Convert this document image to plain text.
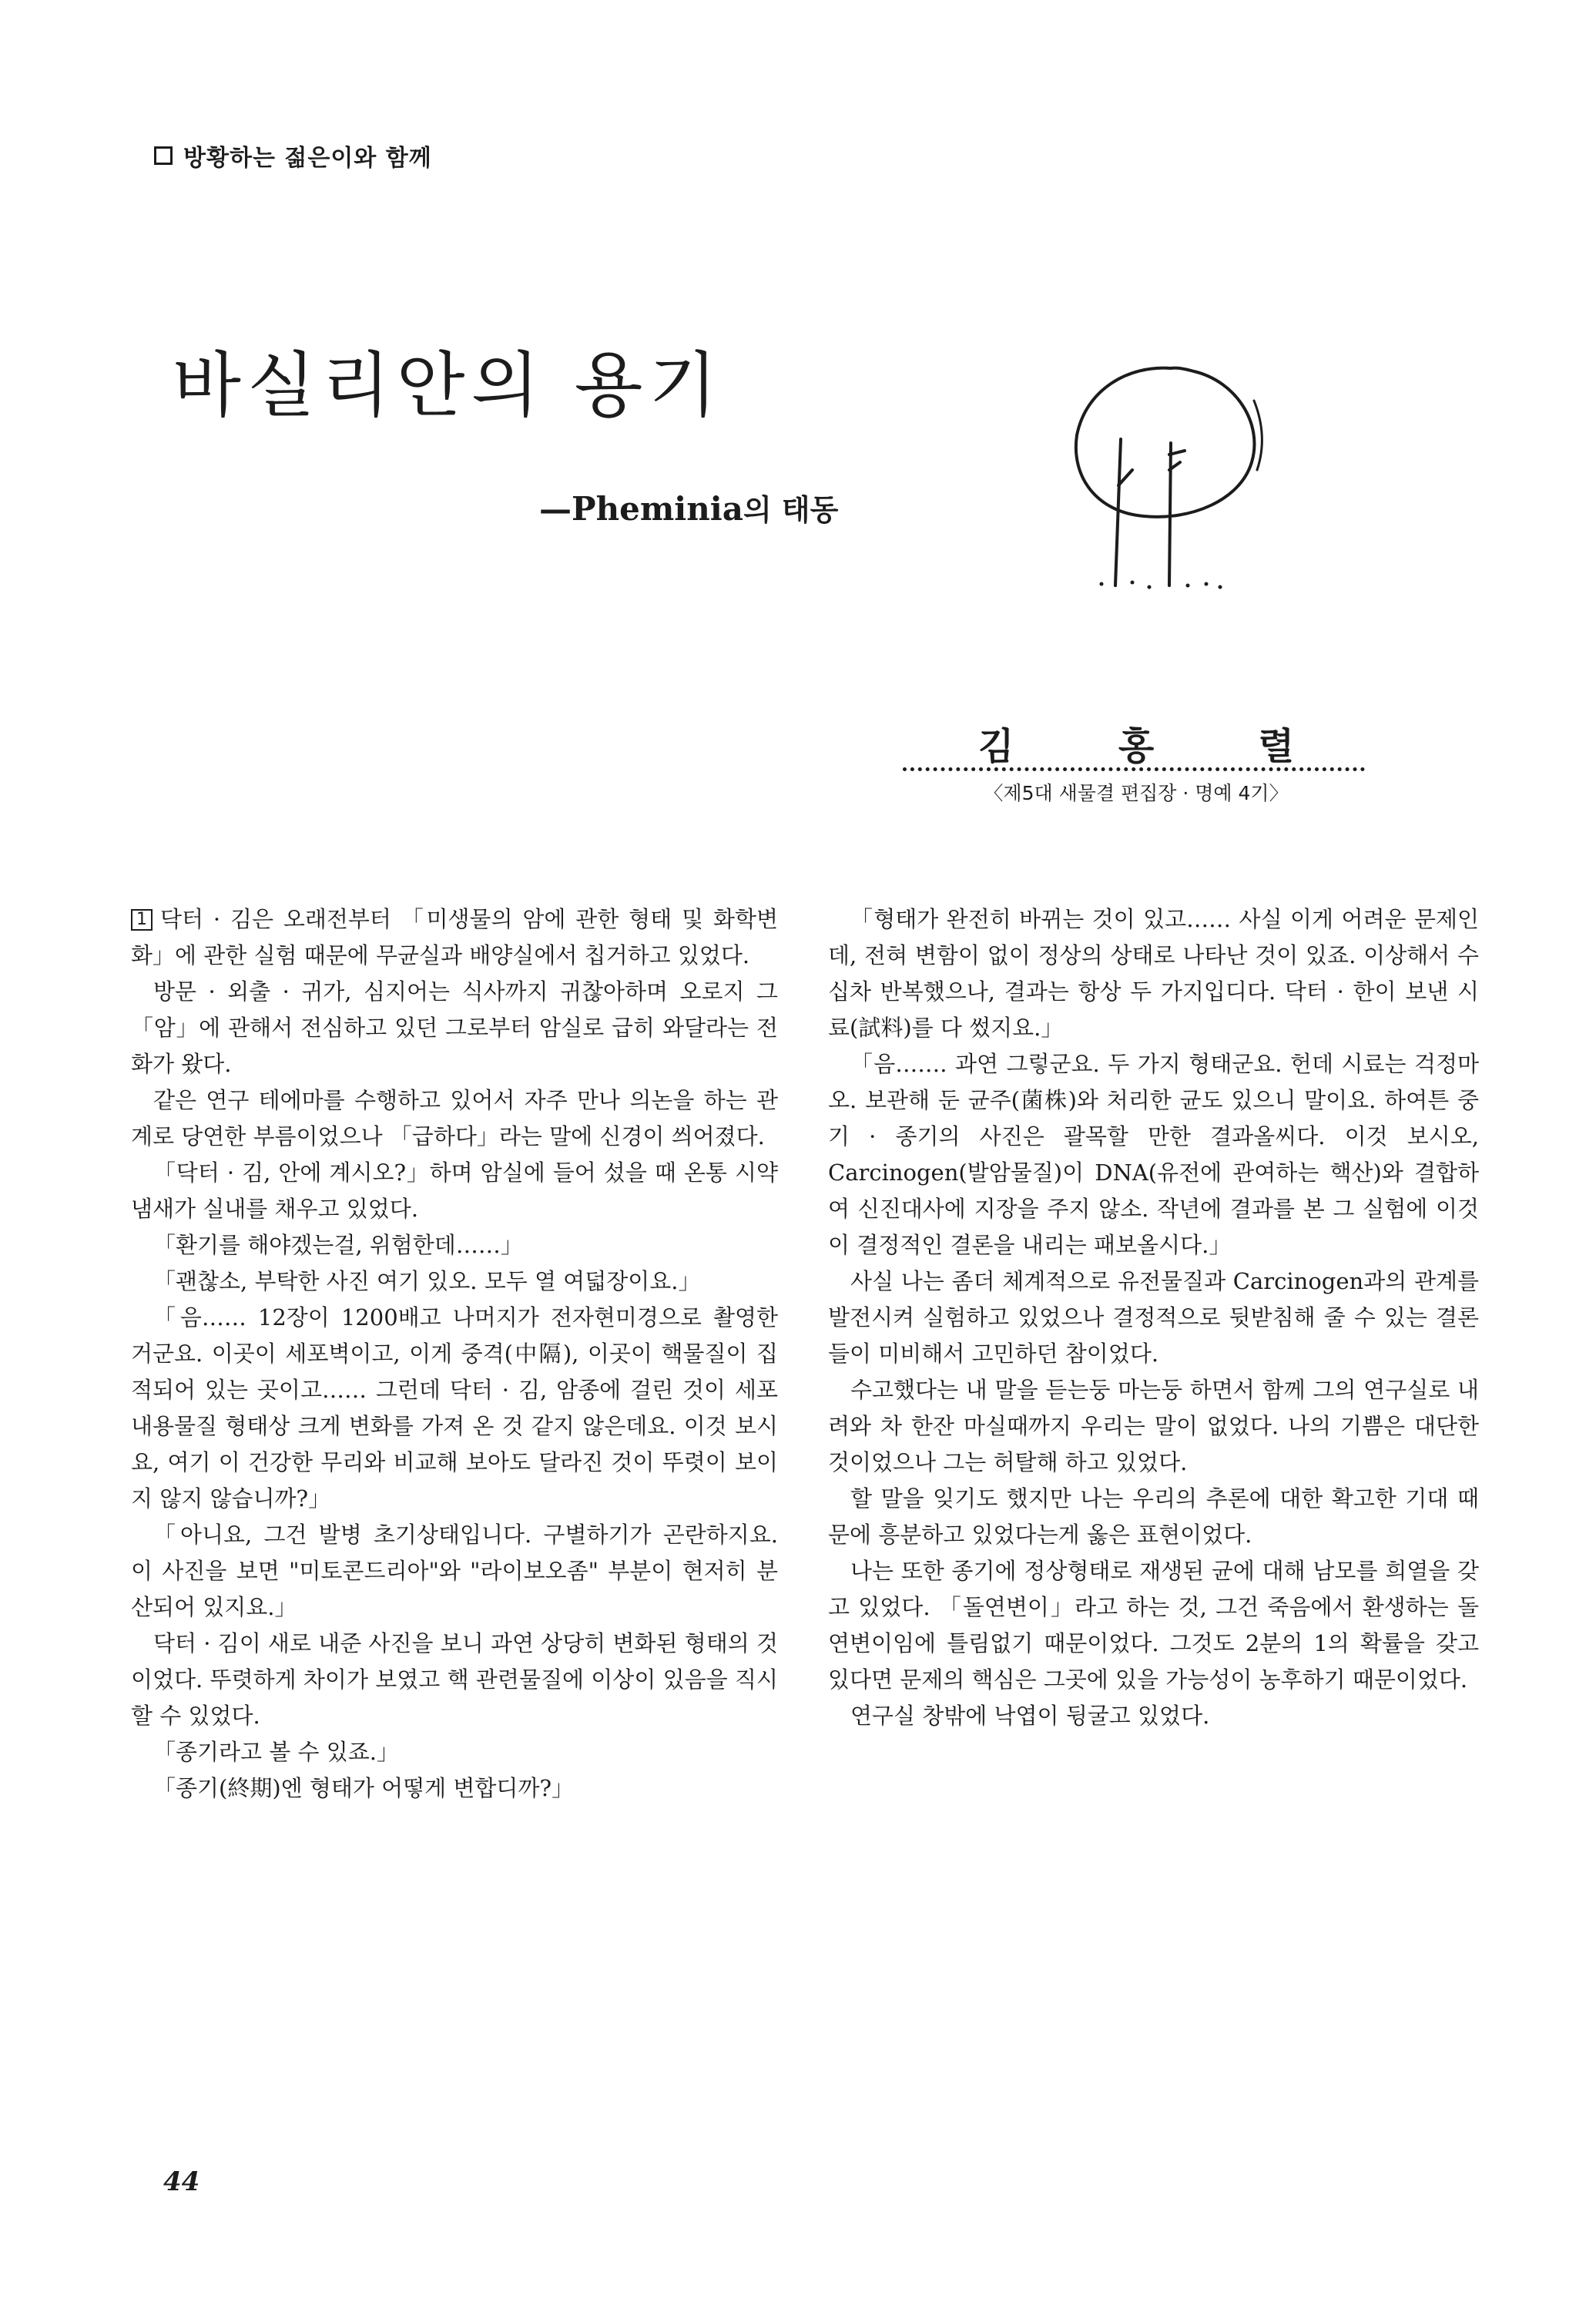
방황하는 젊은이와 함께
바실리안의 용기
—Pheminia의 태동
김	홍	렬
〈제5대 새물결 편집장 · 명예 4기〉

1 닥터 · 김은 오래전부터 「미생물의 암에 관한 형태 및 화학변화」에 관한 실험 때문에 무균실과 배양실에서 칩거하고 있었다.

방문 · 외출 · 귀가, 심지어는 식사까지 귀찮아하며 오로지 그 「암」에 관해서 전심하고 있던 그로부터 암실로 급히 와달라는 전화가 왔다.

같은 연구 테에마를 수행하고 있어서 자주 만나 의논을 하는 관계로 당연한 부름이었으나 「급하다」라는 말에 신경이 씌어졌다.

「닥터 · 김, 안에 계시오?」하며 암실에 들어 섰을 때 온통 시약냄새가 실내를 채우고 있었다.

「환기를 해야겠는걸, 위험한데……」

「괜찮소, 부탁한 사진 여기 있오. 모두 열 여덟장이요.」

「음…… 12장이 1200배고 나머지가 전자현미경으로 촬영한 거군요. 이곳이 세포벽이고, 이게 중격(中隔), 이곳이 핵물질이 집적되어 있는 곳이고…… 그런데 닥터 · 김, 암종에 걸린 것이 세포 내용물질 형태상 크게 변화를 가져 온 것 같지 않은데요. 이것 보시요, 여기 이 건강한 무리와 비교해 보아도 달라진 것이 뚜렷이 보이지 않지 않습니까?」

「아니요, 그건 발병 초기상태입니다. 구별하기가 곤란하지요. 이 사진을 보면 "미토콘드리아"와 "라이보오좀" 부분이 현저히 분산되어 있지요.」

닥터 · 김이 새로 내준 사진을 보니 과연 상당히 변화된 형태의 것이었다. 뚜렷하게 차이가 보였고 핵 관련물질에 이상이 있음을 직시할 수 있었다.

「종기라고 볼 수 있죠.」

「종기(終期)엔 형태가 어떻게 변합디까?」

「형태가 완전히 바뀌는 것이 있고…… 사실 이게 어려운 문제인데, 전혀 변함이 없이 정상의 상태로 나타난 것이 있죠. 이상해서 수십차 반복했으나, 결과는 항상 두 가지입디다. 닥터 · 한이 보낸 시료(試料)를 다 썼지요.」

「음……. 과연 그렇군요. 두 가지 형태군요. 헌데 시료는 걱정마오. 보관해 둔 균주(菌株)와 처리한 균도 있으니 말이요. 하여튼 중기 · 종기의 사진은 괄목할 만한 결과올씨다. 이것 보시오, Carcinogen(발암물질)이 DNA(유전에 관여하는 핵산)와 결합하여 신진대사에 지장을 주지 않소. 작년에 결과를 본 그 실험에 이것이 결정적인 결론을 내리는 패보올시다.」

사실 나는 좀더 체계적으로 유전물질과 Carcinogen과의 관계를 발전시켜 실험하고 있었으나 결정적으로 뒷받침해 줄 수 있는 결론들이 미비해서 고민하던 참이었다.

수고했다는 내 말을 듣는둥 마는둥 하면서 함께 그의 연구실로 내려와 차 한잔 마실때까지 우리는 말이 없었다. 나의 기쁨은 대단한 것이었으나 그는 허탈해 하고 있었다.

할 말을 잊기도 했지만 나는 우리의 추론에 대한 확고한 기대 때문에 흥분하고 있었다는게 옳은 표현이었다.

나는 또한 종기에 정상형태로 재생된 균에 대해 남모를 희열을 갖고 있었다. 「돌연변이」라고 하는 것, 그건 죽음에서 환생하는 돌연변이임에 틀림없기 때문이었다. 그것도 2분의 1의 확률을 갖고 있다면 문제의 핵심은 그곳에 있을 가능성이 농후하기 때문이었다.

연구실 창밖에 낙엽이 뒹굴고 있었다.

44
